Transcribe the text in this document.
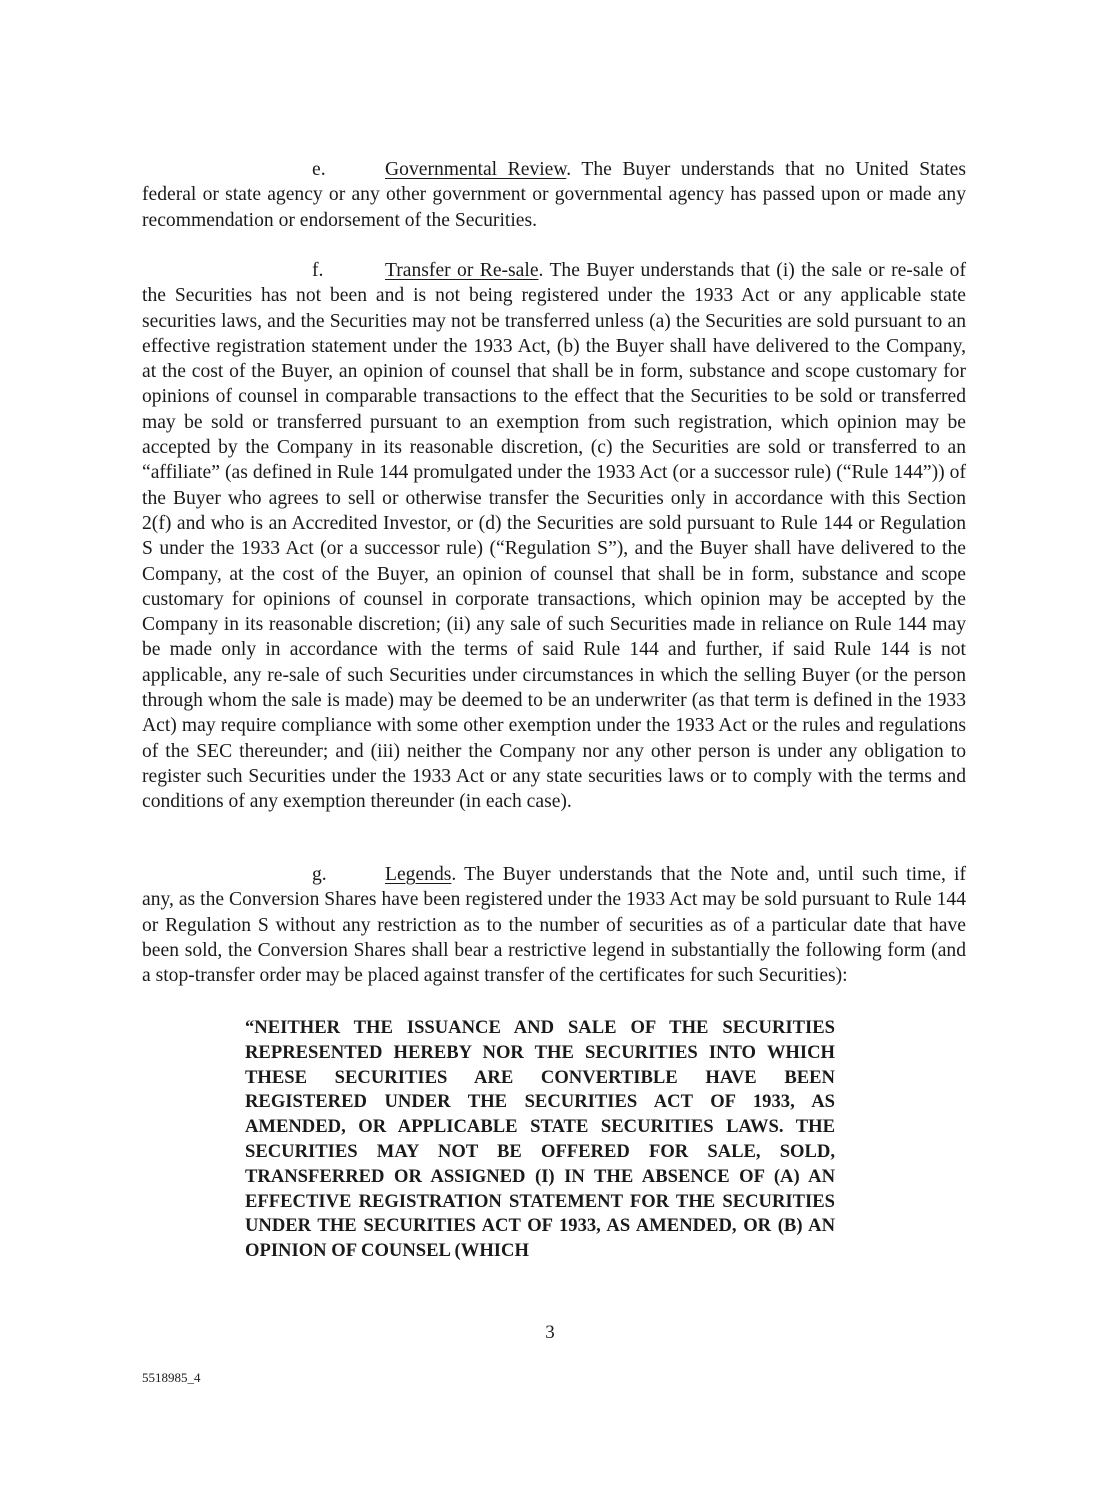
e.	Governmental Review. The Buyer understands that no United States federal or state agency or any other government or governmental agency has passed upon or made any recommendation or endorsement of the Securities.

f.	Transfer or Re-sale. The Buyer understands that (i) the sale or re-sale of the Securities has not been and is not being registered under the 1933 Act or any applicable state securities laws, and the Securities may not be transferred unless (a) the Securities are sold pursuant to an effective registration statement under the 1933 Act, (b) the Buyer shall have delivered to the Company, at the cost of the Buyer, an opinion of counsel that shall be in form, substance and scope customary for opinions of counsel in comparable transactions to the effect that the Securities to be sold or transferred may be sold or transferred pursuant to an exemption from such registration, which opinion may be accepted by the Company in its reasonable discretion, (c) the Securities are sold or transferred to an “affiliate” (as defined in Rule 144 promulgated under the 1933 Act (or a successor rule) (“Rule 144”)) of the Buyer who agrees to sell or otherwise transfer the Securities only in accordance with this Section 2(f) and who is an Accredited Investor, or (d) the Securities are sold pursuant to Rule 144 or Regulation S under the 1933 Act (or a successor rule) (“Regulation S”), and the Buyer shall have delivered to the Company, at the cost of the Buyer, an opinion of counsel that shall be in form, substance and scope customary for opinions of counsel in corporate transactions, which opinion may be accepted by the Company in its reasonable discretion; (ii) any sale of such Securities made in reliance on Rule 144 may be made only in accordance with the terms of said Rule 144 and further, if said Rule 144 is not applicable, any re-sale of such Securities under circumstances in which the selling Buyer (or the person through whom the sale is made) may be deemed to be an underwriter (as that term is defined in the 1933 Act) may require compliance with some other exemption under the 1933 Act or the rules and regulations of the SEC thereunder; and (iii) neither the Company nor any other person is under any obligation to register such Securities under the 1933 Act or any state securities laws or to comply with the terms and conditions of any exemption thereunder (in each case).

g.	Legends. The Buyer understands that the Note and, until such time, if any, as the Conversion Shares have been registered under the 1933 Act may be sold pursuant to Rule 144 or Regulation S without any restriction as to the number of securities as of a particular date that have been sold, the Conversion Shares shall bear a restrictive legend in substantially the following form (and a stop-transfer order may be placed against transfer of the certificates for such Securities):

“NEITHER THE ISSUANCE AND SALE OF THE SECURITIES REPRESENTED HEREBY NOR THE SECURITIES INTO WHICH THESE SECURITIES ARE CONVERTIBLE HAVE BEEN REGISTERED UNDER THE SECURITIES ACT OF 1933, AS AMENDED, OR APPLICABLE STATE SECURITIES LAWS. THE SECURITIES MAY NOT BE OFFERED FOR SALE, SOLD, TRANSFERRED OR ASSIGNED (I) IN THE ABSENCE OF (A) AN EFFECTIVE REGISTRATION STATEMENT FOR THE SECURITIES UNDER THE SECURITIES ACT OF 1933, AS AMENDED, OR (B) AN OPINION OF COUNSEL (WHICH

3

5518985_4
